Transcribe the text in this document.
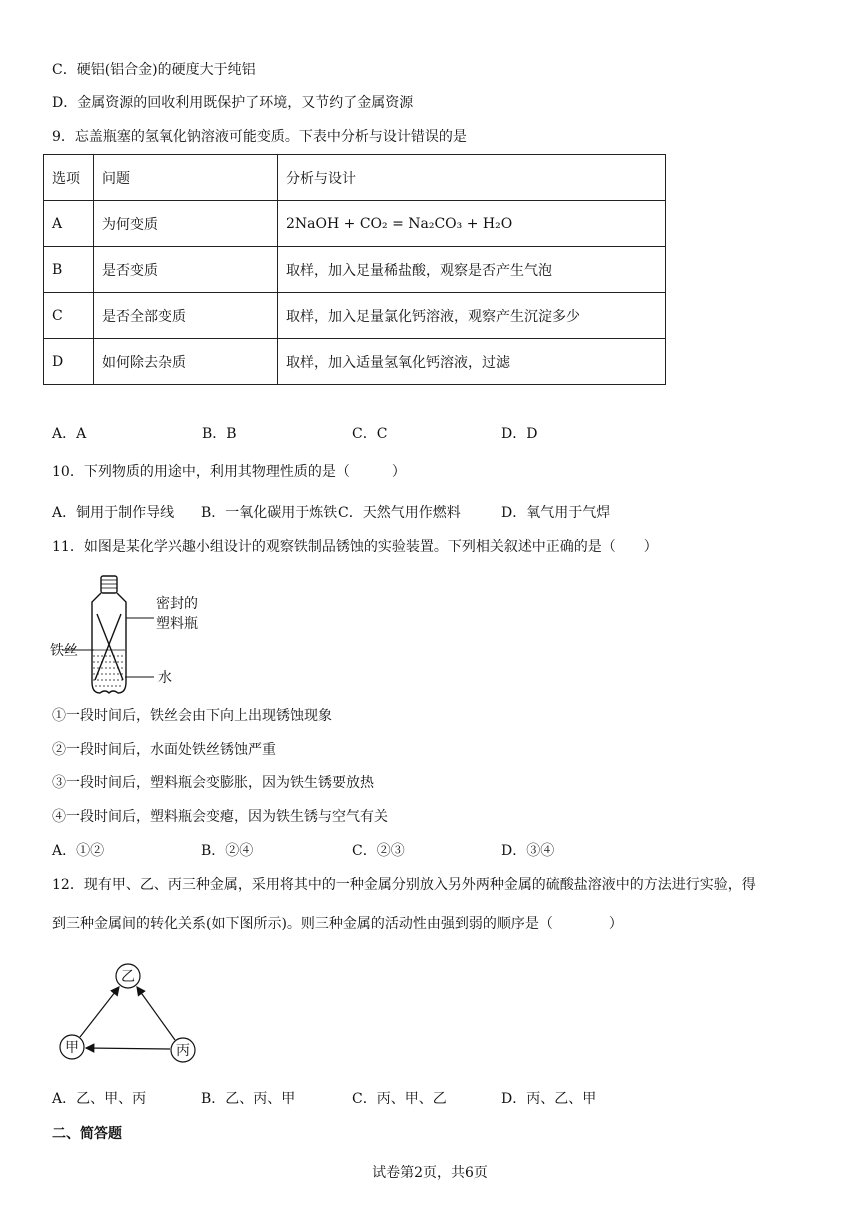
C．硬铝(铝合金)的硬度大于纯铝
D．金属资源的回收利用既保护了环境，又节约了金属资源
9．忘盖瓶塞的氢氧化钠溶液可能变质。下表中分析与设计错误的是
选项	问题	分析与设计
A	为何变质	2NaOH + CO₂ = Na₂CO₃ + H₂O
B	是否变质	取样，加入足量稀盐酸，观察是否产生气泡
C	是否全部变质	取样，加入足量氯化钙溶液，观察产生沉淀多少
D	如何除去杂质	取样，加入适量氢氧化钙溶液，过滤
A．A	B．B	C．C	D．D
10．下列物质的用途中，利用其物理性质的是（　　　）
A．铜用于制作导线 B．一氧化碳用于炼铁 C．天然气用作燃料	D．氧气用于气焊
11．如图是某化学兴趣小组设计的观察铁制品锈蚀的实验装置。下列相关叙述中正确的是（　　）
密封的
塑料瓶
铁丝
水
①一段时间后，铁丝会由下向上出现锈蚀现象
②一段时间后，水面处铁丝锈蚀严重
③一段时间后，塑料瓶会变膨胀，因为铁生锈要放热
④一段时间后，塑料瓶会变瘪，因为铁生锈与空气有关
A．①②	B．②④	C．②③	D．③④
12．现有甲、乙、丙三种金属，采用将其中的一种金属分别放入另外两种金属的硫酸盐溶液中的方法进行实验，得
到三种金属间的转化关系(如下图所示)。则三种金属的活动性由强到弱的顺序是（　　　　）
乙
甲	丙
A．乙、甲、丙	B．乙、丙、甲	C．丙、甲、乙	D．丙、乙、甲
二、简答题
试卷第2页，共6页
